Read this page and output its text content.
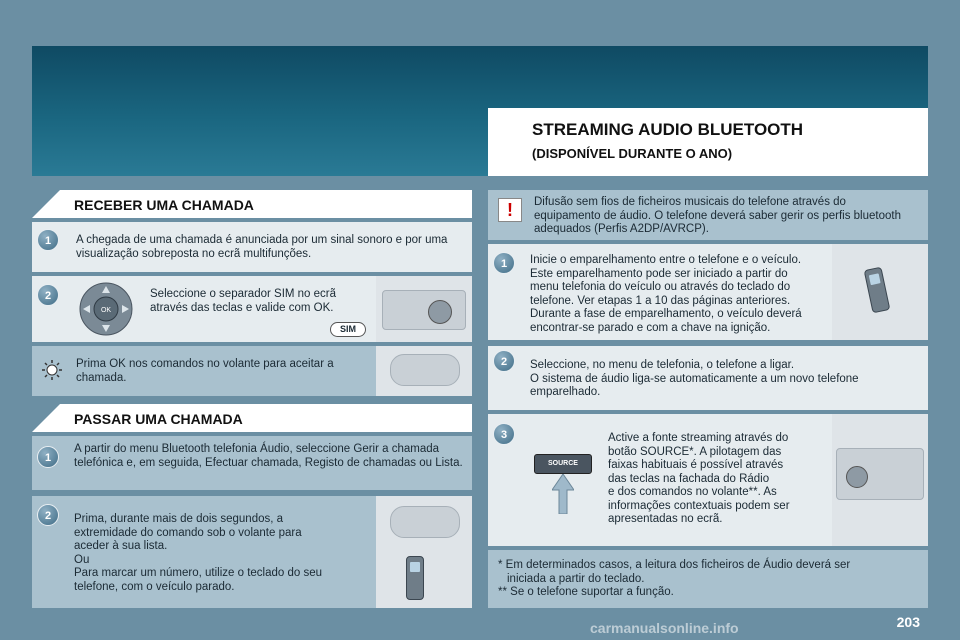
STREAMING AUDIO BLUETOOTH
(DISPONÍVEL DURANTE O ANO)
RECEBER UMA CHAMADA
1	A chegada de uma chamada é anunciada por um sinal sonoro e por uma visualização sobreposta no ecrã multifunções.
2
OK
Seleccione o separador SIM no ecrã através das teclas e valide com OK.
SIM
Prima OK nos comandos no volante para aceitar a chamada.
PASSAR UMA CHAMADA
1
A partir do menu Bluetooth telefonia Áudio, seleccione Gerir a chamada telefónica e, em seguida, Efectuar chamada, Registo de chamadas ou Lista.
2	Prima, durante mais de dois segundos, a
extremidade do comando sob o volante para
aceder à sua lista.
Ou
Para marcar um número, utilize o teclado do seu
telefone, com o veículo parado.
!	Difusão sem fios de ficheiros musicais do telefone através do equipamento de áudio. O telefone deverá saber gerir os perfis bluetooth adequados (Perfis A2DP/AVRCP).
1	Inicie o emparelhamento entre o telefone e o veículo.
Este emparelhamento pode ser iniciado a partir do
menu telefonia do veículo ou através do teclado do
telefone. Ver etapas 1 a 10 das páginas anteriores.
Durante a fase de emparelhamento, o veículo deverá
encontrar-se parado e com a chave na ignição.
2	Seleccione, no menu de telefonia, o telefone a ligar.
O sistema de áudio liga-se automaticamente a um novo telefone
emparelhado.
3
SOURCE
Active a fonte streaming através do
botão SOURCE*. A pilotagem das
faixas habituais é possível através
das teclas na fachada do Rádio
e dos comandos no volante**. As
informações contextuais podem ser
apresentadas no ecrã.
* Em determinados casos, a leitura dos ficheiros de Áudio deverá ser
iniciada a partir do teclado.
** Se o telefone suportar a função.
carmanualsonline.info	203
